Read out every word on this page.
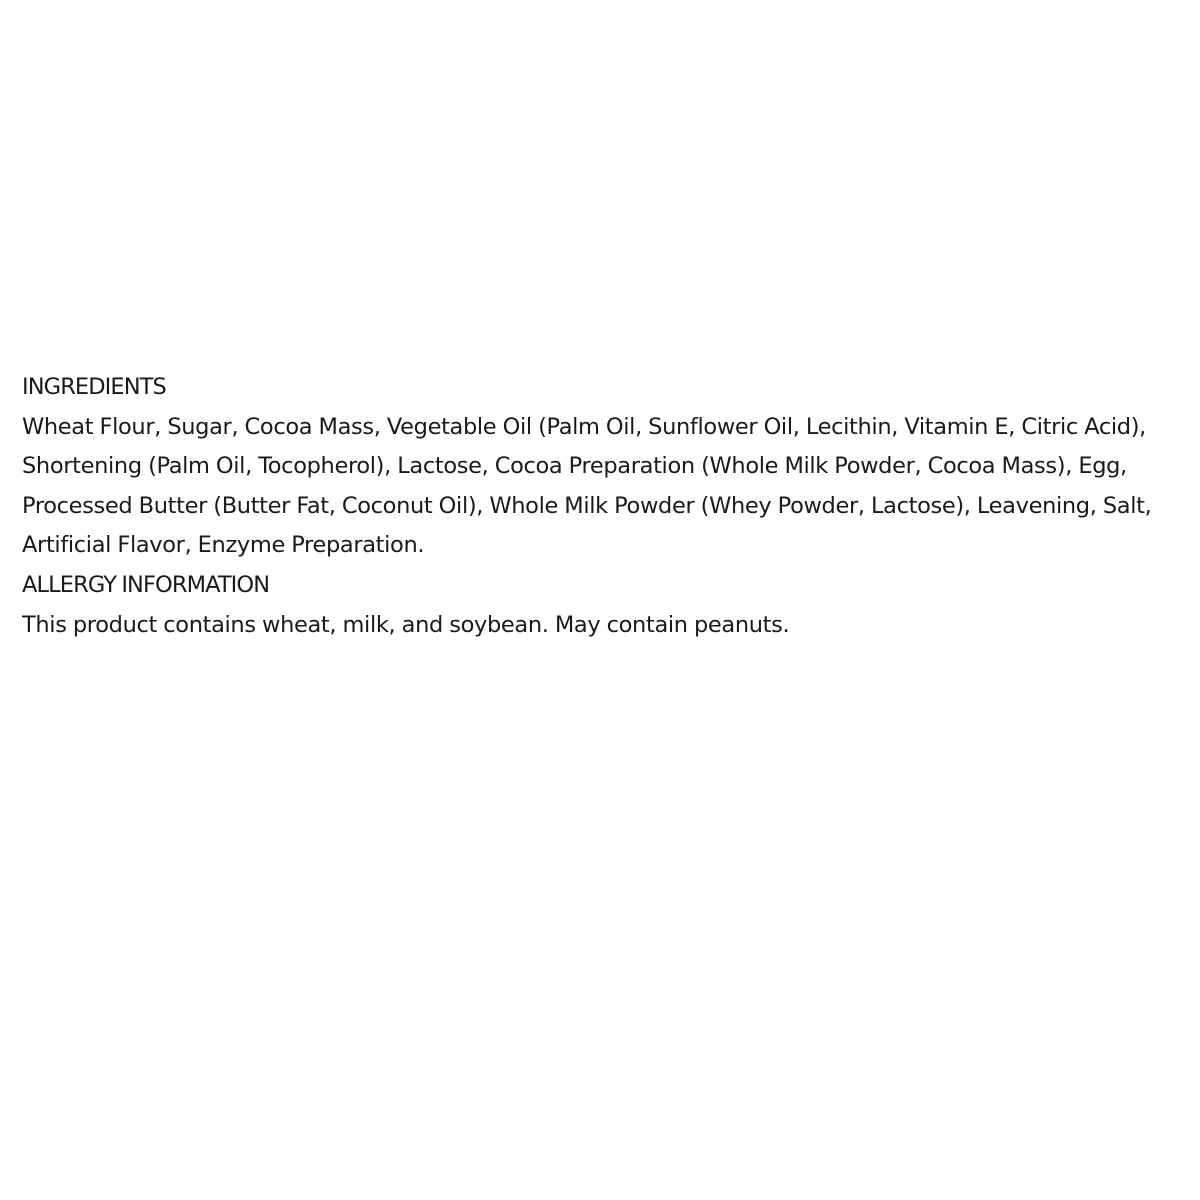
INGREDIENTS

Wheat Flour, Sugar, Cocoa Mass, Vegetable Oil (Palm Oil, Sunflower Oil, Lecithin, Vitamin E, Citric Acid), Shortening (Palm Oil, Tocopherol), Lactose, Cocoa Preparation (Whole Milk Powder, Cocoa Mass), Egg, Processed Butter (Butter Fat, Coconut Oil), Whole Milk Powder (Whey Powder, Lactose), Leavening, Salt, Artificial Flavor, Enzyme Preparation.

ALLERGY INFORMATION

This product contains wheat, milk, and soybean. May contain peanuts.
